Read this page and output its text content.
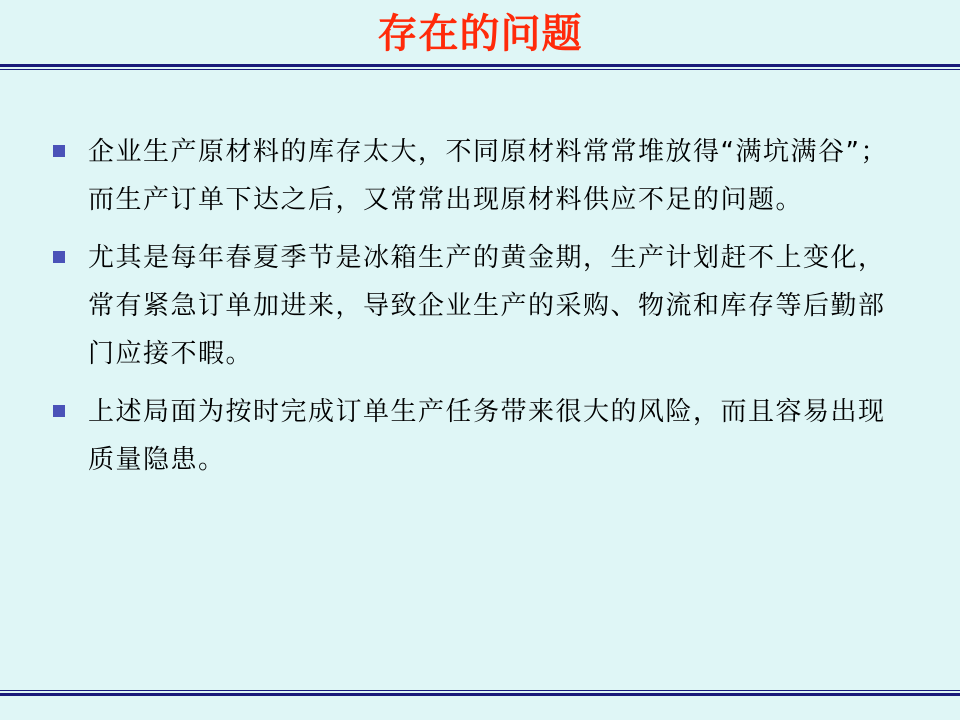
存在的问题
企业生产原材料的库存太大，不同原材料常常堆放得“满坑满谷”；而生产订单下达之后，又常常出现原材料供应不足的问题。
尤其是每年春夏季节是冰箱生产的黄金期，生产计划赶不上变化，常有紧急订单加进来，导致企业生产的采购、物流和库存等后勤部门应接不暇。
上述局面为按时完成订单生产任务带来很大的风险，而且容易出现质量隐患。
